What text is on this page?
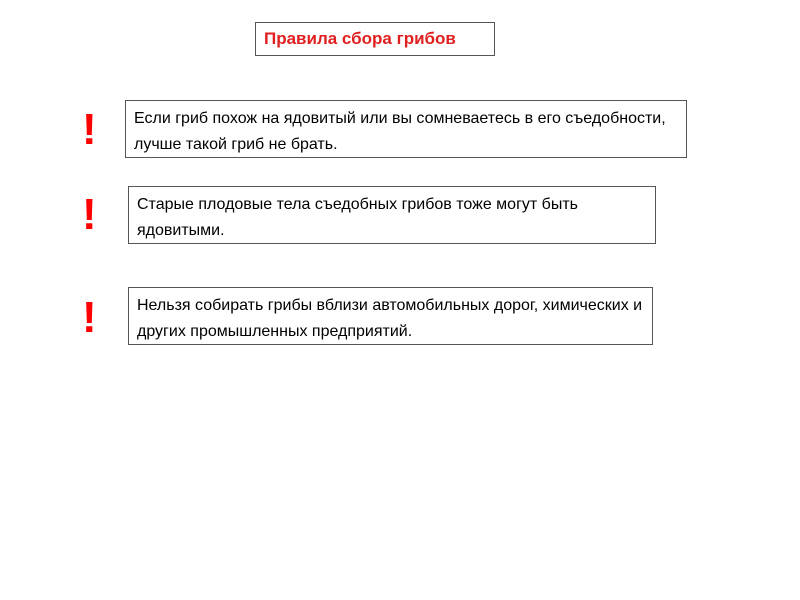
Правила сбора грибов
!	Если гриб похож на ядовитый или вы сомневаетесь в его съедобности, лучше такой гриб не брать.
!	Старые плодовые тела съедобных грибов тоже могут быть ядовитыми.
!	Нельзя собирать грибы вблизи автомобильных дорог, химических и других промышленных предприятий.
